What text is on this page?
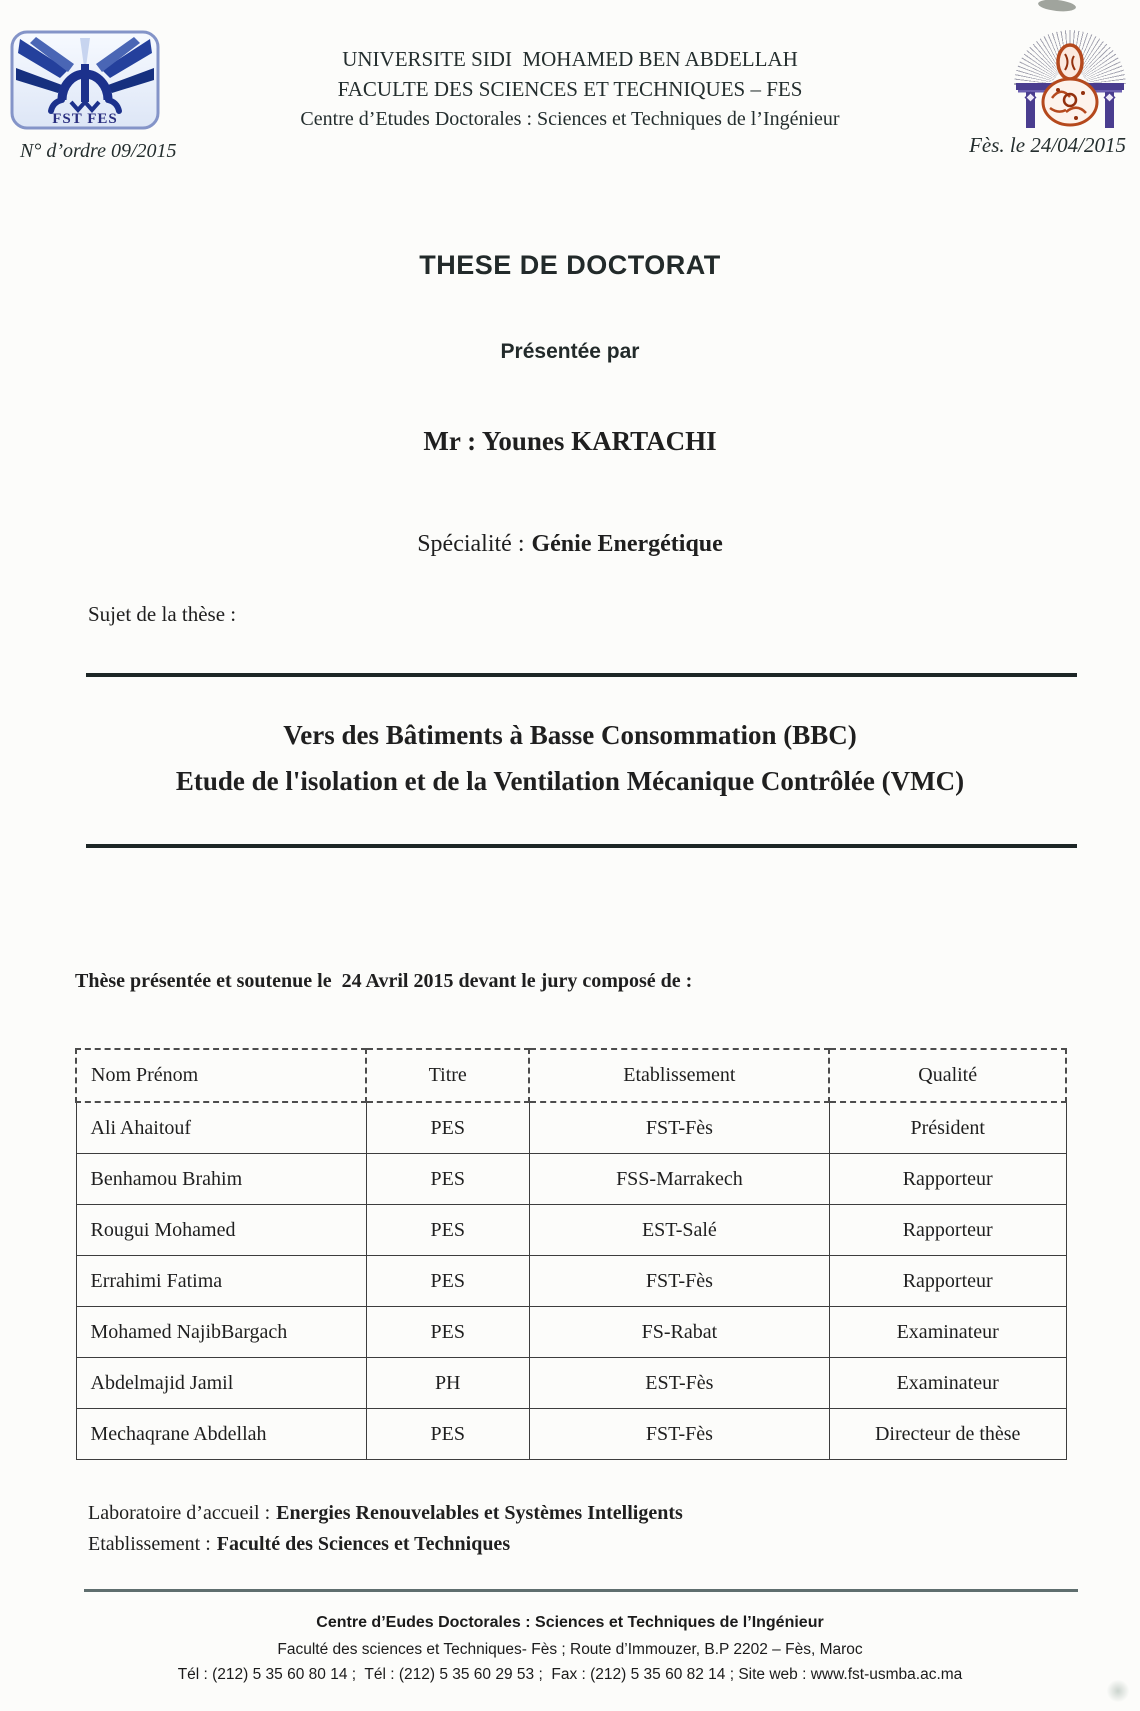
FST FES
UNIVERSITE SIDI  MOHAMED BEN ABDELLAH
FACULTE DES SCIENCES ET TECHNIQUES – FES
Centre d’Etudes Doctorales : Sciences et Techniques de l’Ingénieur
N° d’ordre 09/2015	Fès. le 24/04/2015
THESE DE DOCTORAT
Présentée par
Mr : Younes KARTACHI
Spécialité : Génie Energétique
Sujet de la thèse :
Vers des Bâtiments à Basse Consommation (BBC)
Etude de l'isolation et de la Ventilation Mécanique Contrôlée (VMC)
Thèse présentée et soutenue le  24 Avril 2015 devant le jury composé de :
Nom Prénom	Titre	Etablissement	Qualité
Ali Ahaitouf	PES	FST-Fès	Président
Benhamou Brahim	PES	FSS-Marrakech	Rapporteur
Rougui Mohamed	PES	EST-Salé	Rapporteur
Errahimi Fatima	PES	FST-Fès	Rapporteur
Mohamed NajibBargach	PES	FS-Rabat	Examinateur
Abdelmajid Jamil	PH	EST-Fès	Examinateur
Mechaqrane Abdellah	PES	FST-Fès	Directeur de thèse
Laboratoire d’accueil : Energies Renouvelables et Systèmes Intelligents
Etablissement : Faculté des Sciences et Techniques
Centre d’Eudes Doctorales : Sciences et Techniques de l’Ingénieur
Faculté des sciences et Techniques- Fès ; Route d’Immouzer, B.P 2202 – Fès, Maroc
Tél : (212) 5 35 60 80 14 ;  Tél : (212) 5 35 60 29 53 ;  Fax : (212) 5 35 60 82 14 ; Site web : www.fst-usmba.ac.ma
